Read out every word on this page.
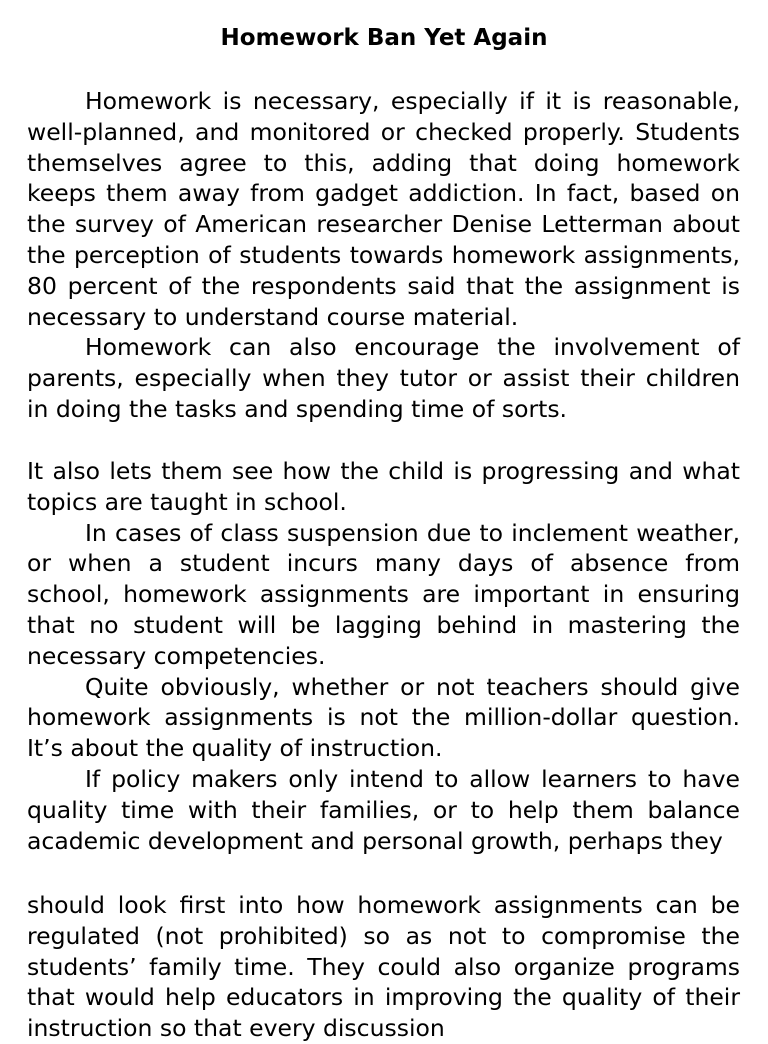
Homework Ban Yet Again

Homework is necessary, especially if it is reasonable, well-planned, and monitored or checked properly. Students themselves agree to this, adding that doing homework keeps them away from gadget addiction. In fact, based on the survey of American researcher Denise Letterman about the perception of students towards homework assignments, 80 percent of the respondents said that the assignment is necessary to understand course material.

Homework can also encourage the involvement of parents, especially when they tutor or assist their children in doing the tasks and spending time of sorts.

It also lets them see how the child is progressing and what topics are taught in school.

In cases of class suspension due to inclement weather, or when a student incurs many days of absence from school, homework assignments are important in ensuring that no student will be lagging behind in mastering the necessary competencies.

Quite obviously, whether or not teachers should give homework assignments is not the million-dollar question. It’s about the quality of instruction.

If policy makers only intend to allow learners to have quality time with their families, or to help them balance academic development and personal growth, perhaps they

should look first into how homework assignments can be regulated (not prohibited) so as not to compromise the students’ family time. They could also organize programs that would help educators in improving the quality of their instruction so that every discussion
